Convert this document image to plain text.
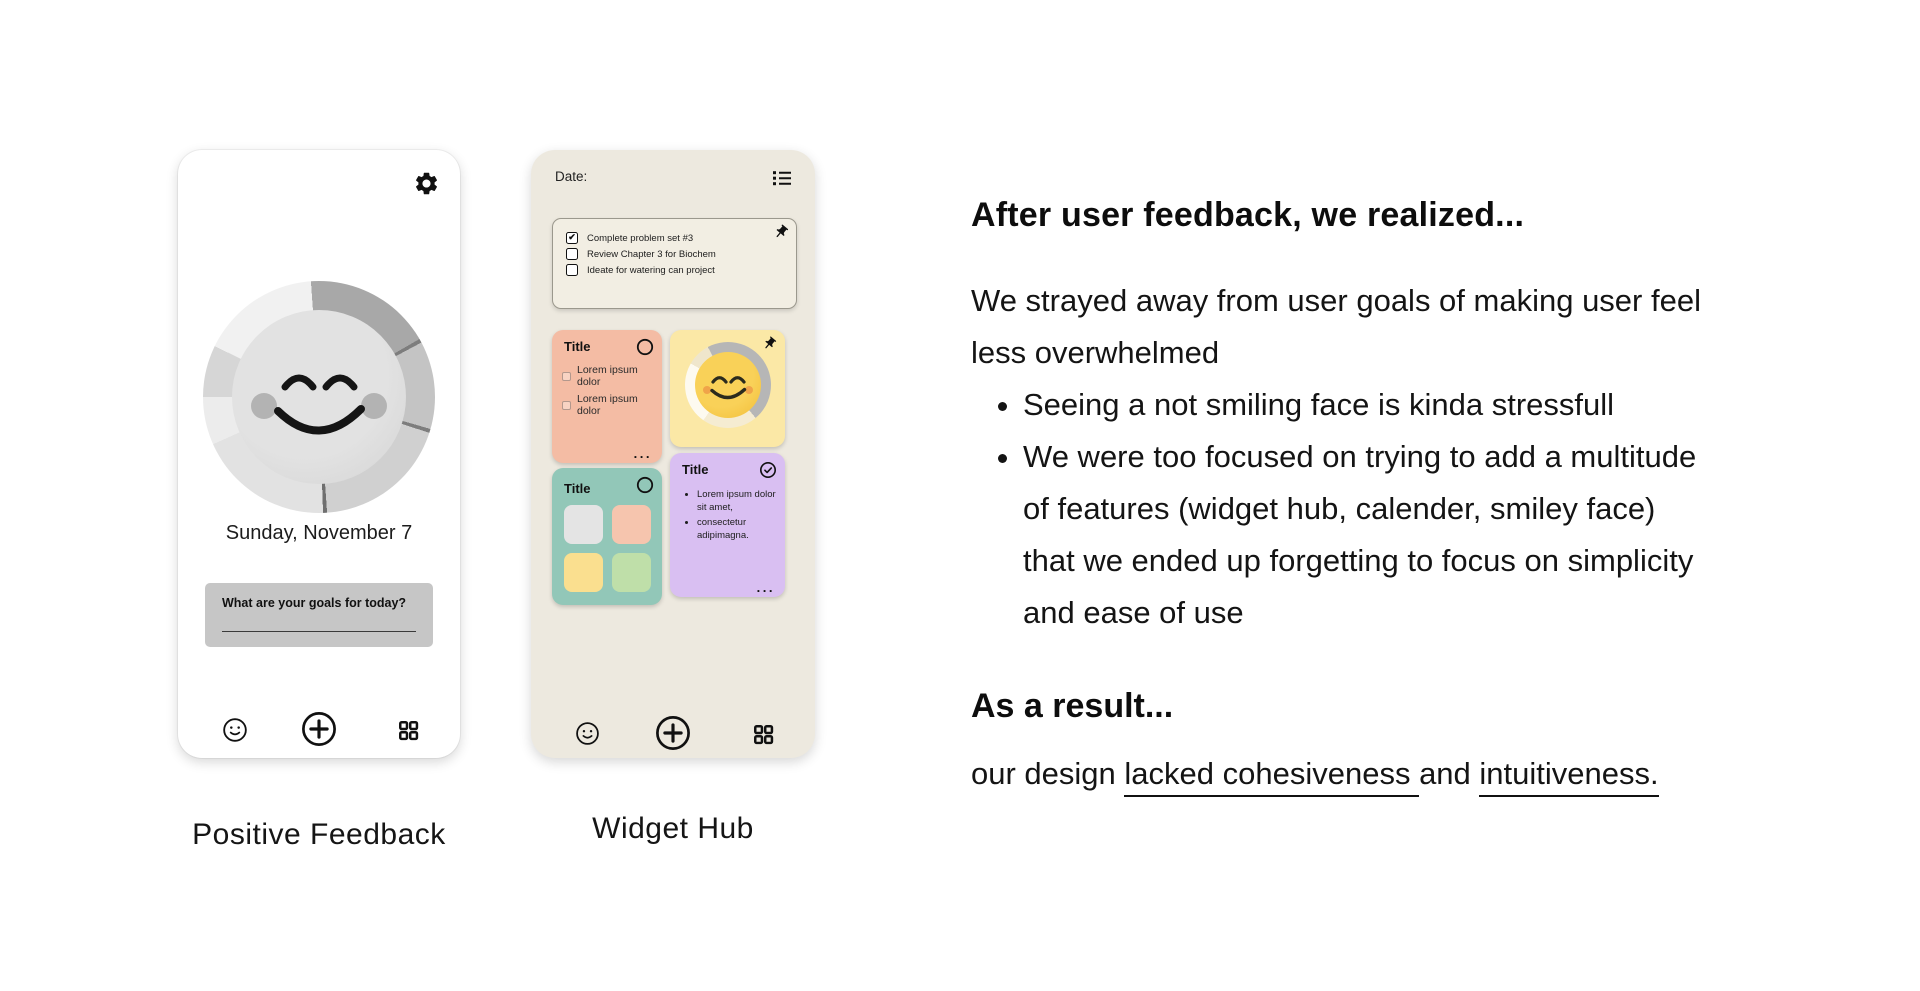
Sunday, November 7
What are your goals for today?
Date:
✔ Complete problem set #3
Review Chapter 3 for Biochem
Ideate for watering can project
Title
Lorem ipsum dolor
Lorem ipsum dolor
...
Title
Title
• Lorem ipsum dolor sit amet,
• consectetur adipimagna.
...
Positive Feedback	Widget Hub
After user feedback, we realized...
We strayed away from user goals of making user feel less overwhelmed
• Seeing a not smiling face is kinda stressfull
• We were too focused on trying to add a multitude of features (widget hub, calender, smiley face) that we ended up forgetting to focus on simplicity and ease of use
As a result...
our design lacked cohesiveness and intuitiveness.
